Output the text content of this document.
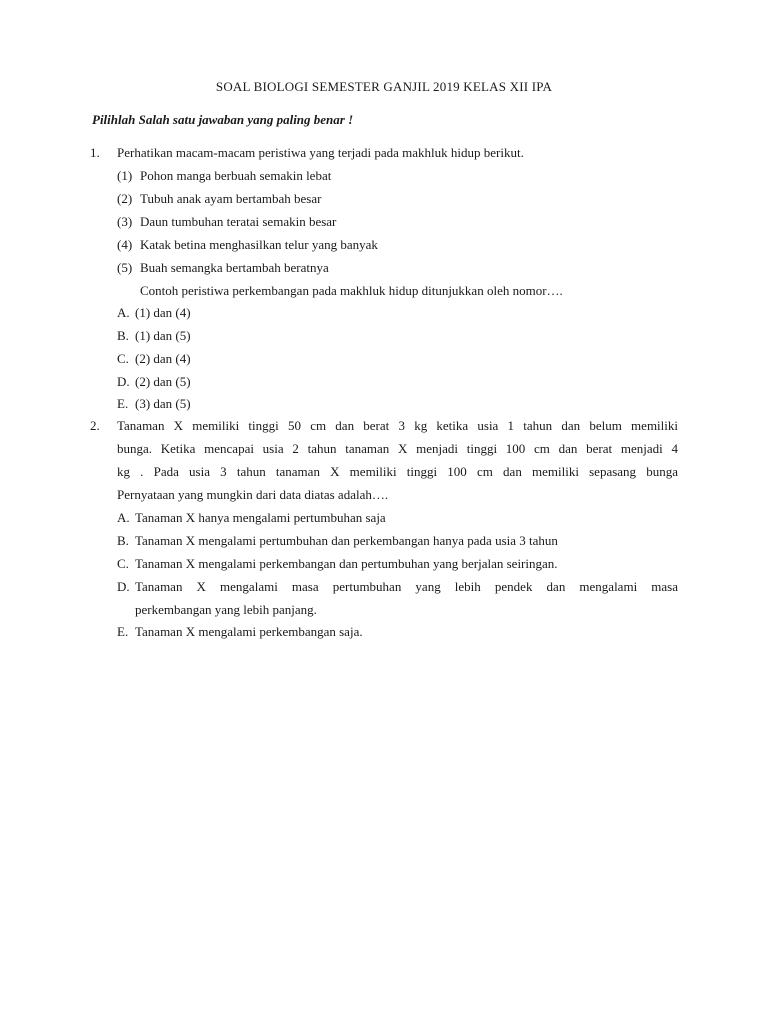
SOAL BIOLOGI SEMESTER GANJIL 2019 KELAS XII IPA
Pilihlah Salah satu jawaban yang paling benar !
1. Perhatikan macam-macam peristiwa yang terjadi pada makhluk hidup berikut.
(1) Pohon manga berbuah semakin lebat
(2) Tubuh anak ayam bertambah besar
(3) Daun tumbuhan teratai semakin besar
(4) Katak betina menghasilkan telur yang banyak
(5) Buah semangka bertambah beratnya
Contoh peristiwa perkembangan pada makhluk hidup ditunjukkan oleh nomor….
A. (1) dan (4)
B. (1) dan (5)
C. (2) dan (4)
D. (2) dan (5)
E. (3) dan (5)
2. Tanaman X memiliki tinggi 50 cm dan berat 3 kg ketika usia 1 tahun dan belum memiliki
bunga. Ketika mencapai usia 2 tahun tanaman X menjadi tinggi 100 cm dan berat menjadi 4
kg . Pada usia 3 tahun tanaman X memiliki tinggi 100 cm dan memiliki sepasang bunga
Pernyataan yang mungkin dari data diatas adalah….
A. Tanaman X hanya mengalami pertumbuhan saja
B. Tanaman X mengalami pertumbuhan dan perkembangan hanya pada usia 3 tahun
C. Tanaman X mengalami perkembangan dan pertumbuhan yang berjalan seiringan.
D. Tanaman X mengalami masa pertumbuhan yang lebih pendek dan mengalami masa
perkembangan yang lebih panjang.
E. Tanaman X mengalami perkembangan saja.
